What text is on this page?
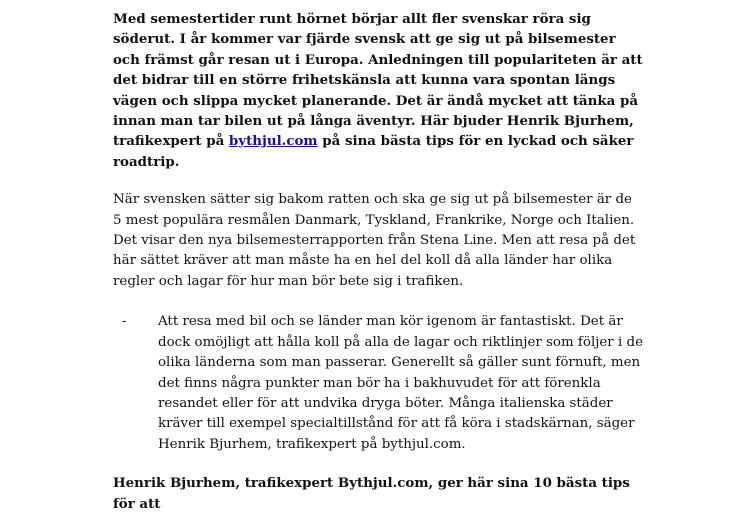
Med semestertider runt hörnet börjar allt fler svenskar röra sig söderut. I år kommer var fjärde svensk att ge sig ut på bilsemester och främst går resan ut i Europa. Anledningen till populariteten är att det bidrar till en större frihetskänsla att kunna vara spontan längs vägen och slippa mycket planerande. Det är ändå mycket att tänka på innan man tar bilen ut på långa äventyr. Här bjuder Henrik Bjurhem, trafikexpert på bythjul.com på sina bästa tips för en lyckad och säker roadtrip.

När svensken sätter sig bakom ratten och ska ge sig ut på bilsemester är de 5 mest populära resmålen Danmark, Tyskland, Frankrike, Norge och Italien. Det visar den nya bilsemesterrapporten från Stena Line. Men att resa på det här sättet kräver att man måste ha en hel del koll då alla länder har olika regler och lagar för hur man bör bete sig i trafiken.

- Att resa med bil och se länder man kör igenom är fantastiskt. Det är dock omöjligt att hålla koll på alla de lagar och riktlinjer som följer i de olika länderna som man passerar. Generellt så gäller sunt förnuft, men det finns några punkter man bör ha i bakhuvudet för att förenkla resandet eller för att undvika dryga böter. Många italienska städer kräver till exempel specialtillstånd för att få köra i stadskärnan, säger Henrik Bjurhem, trafikexpert på bythjul.com.

Henrik Bjurhem, trafikexpert Bythjul.com, ger här sina 10 bästa tips för att
